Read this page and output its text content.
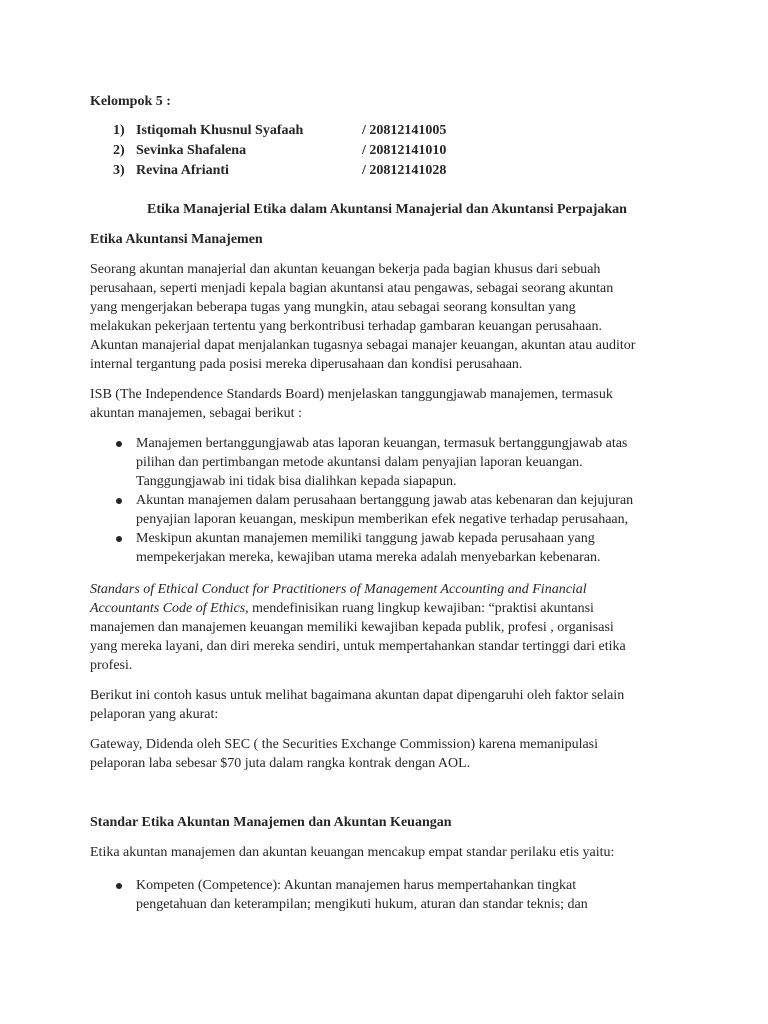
Kelompok 5 :
1) Istiqomah Khusnul Syafaah	/ 20812141005
2) Sevinka Shafalena	/ 20812141010
3) Revina Afrianti	/ 20812141028
Etika Manajerial Etika dalam Akuntansi Manajerial dan Akuntansi Perpajakan
Etika Akuntansi Manajemen
Seorang akuntan manajerial dan akuntan keuangan bekerja pada bagian khusus dari sebuah
perusahaan, seperti menjadi kepala bagian akuntansi atau pengawas, sebagai seorang akuntan
yang mengerjakan beberapa tugas yang mungkin, atau sebagai seorang konsultan yang
melakukan pekerjaan tertentu yang berkontribusi terhadap gambaran keuangan perusahaan.
Akuntan manajerial dapat menjalankan tugasnya sebagai manajer keuangan, akuntan atau auditor
internal tergantung pada posisi mereka diperusahaan dan kondisi perusahaan.
ISB (The Independence Standards Board) menjelaskan tanggungjawab manajemen, termasuk
akuntan manajemen, sebagai berikut :
Manajemen bertanggungjawab atas laporan keuangan, termasuk bertanggungjawab atas
pilihan dan pertimbangan metode akuntansi dalam penyajian laporan keuangan.
Tanggungjawab ini tidak bisa dialihkan kepada siapapun.
Akuntan manajemen dalam perusahaan bertanggung jawab atas kebenaran dan kejujuran
penyajian laporan keuangan, meskipun memberikan efek negative terhadap perusahaan,
Meskipun akuntan manajemen memiliki tanggung jawab kepada perusahaan yang
mempekerjakan mereka, kewajiban utama mereka adalah menyebarkan kebenaran.
Standars of Ethical Conduct for Practitioners of Management Accounting and Financial
Accountants Code of Ethics, mendefinisikan ruang lingkup kewajiban: “praktisi akuntansi
manajemen dan manajemen keuangan memiliki kewajiban kepada publik, profesi , organisasi
yang mereka layani, dan diri mereka sendiri, untuk mempertahankan standar tertinggi dari etika
profesi.
Berikut ini contoh kasus untuk melihat bagaimana akuntan dapat dipengaruhi oleh faktor selain
pelaporan yang akurat:
Gateway, Didenda oleh SEC ( the Securities Exchange Commission) karena memanipulasi
pelaporan laba sebesar $70 juta dalam rangka kontrak dengan AOL.
Standar Etika Akuntan Manajemen dan Akuntan Keuangan
Etika akuntan manajemen dan akuntan keuangan mencakup empat standar perilaku etis yaitu:
Kompeten (Competence): Akuntan manajemen harus mempertahankan tingkat
pengetahuan dan keterampilan; mengikuti hukum, aturan dan standar teknis; dan
